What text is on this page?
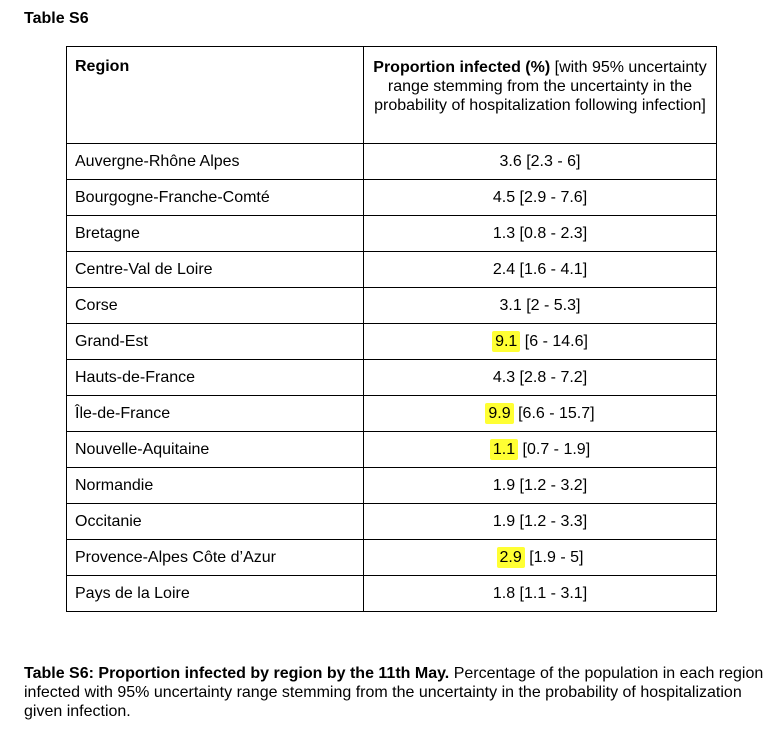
Table S6
Region	Proportion infected (%) [with 95% uncertainty range stemming from the uncertainty in the probability of hospitalization following infection]
Auvergne-Rhône Alpes	3.6 [2.3 - 6]
Bourgogne-Franche-Comté	4.5 [2.9 - 7.6]
Bretagne	1.3 [0.8 - 2.3]
Centre-Val de Loire	2.4 [1.6 - 4.1]
Corse	3.1 [2 - 5.3]
Grand-Est	9.1 [6 - 14.6]
Hauts-de-France	4.3 [2.8 - 7.2]
Île-de-France	9.9 [6.6 - 15.7]
Nouvelle-Aquitaine	1.1 [0.7 - 1.9]
Normandie	1.9 [1.2 - 3.2]
Occitanie	1.9 [1.2 - 3.3]
Provence-Alpes Côte d’Azur	2.9 [1.9 - 5]
Pays de la Loire	1.8 [1.1 - 3.1]
Table S6: Proportion infected by region by the 11th May. Percentage of the population in each region infected with 95% uncertainty range stemming from the uncertainty in the probability of hospitalization given infection.
